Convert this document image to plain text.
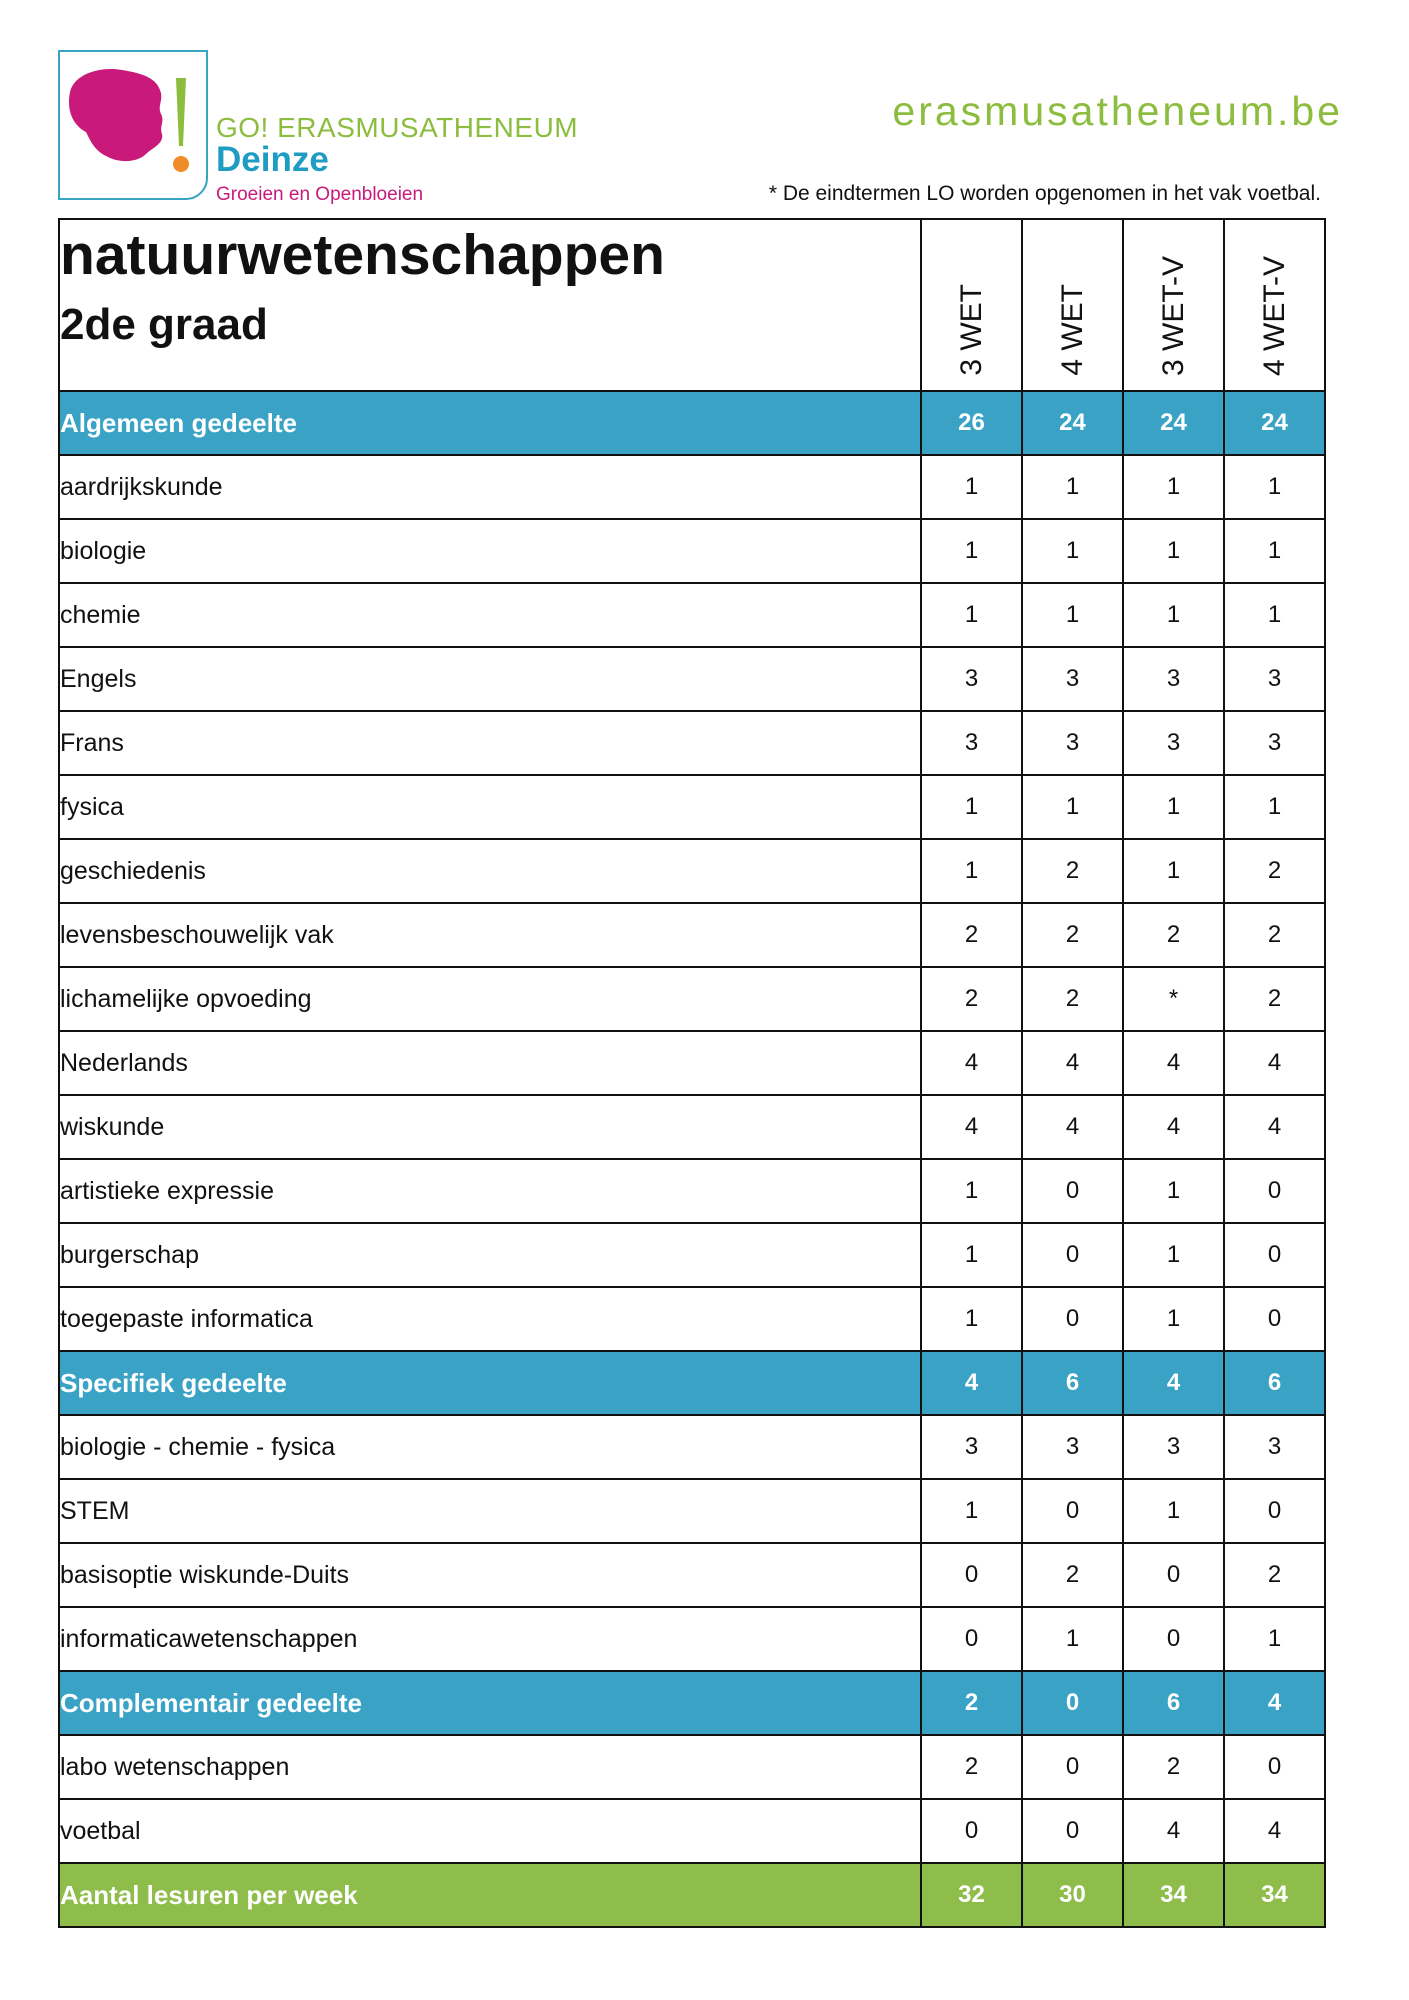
GO! ERASMUSATHENEUM
Deinze
Groeien en Openbloeien
erasmusatheneum.be
* De eindtermen LO worden opgenomen in het vak voetbal.
natuurwetenschappen
2de graad	3 WET	4 WET	3 WET-V	4 WET-V

Algemeen gedeelte	26	24	24	24
aardrijkskunde	1	1	1	1
biologie	1	1	1	1
chemie	1	1	1	1
Engels	3	3	3	3
Frans	3	3	3	3
fysica	1	1	1	1
geschiedenis	1	2	1	2
levensbeschouwelijk vak	2	2	2	2
lichamelijke opvoeding	2	2	*	2
Nederlands	4	4	4	4
wiskunde	4	4	4	4
artistieke expressie	1	0	1	0
burgerschap	1	0	1	0
toegepaste informatica	1	0	1	0
Specifiek gedeelte	4	6	4	6
biologie - chemie - fysica	3	3	3	3
STEM	1	0	1	0
basisoptie wiskunde-Duits	0	2	0	2
informaticawetenschappen	0	1	0	1
Complementair gedeelte	2	0	6	4
labo wetenschappen	2	0	2	0
voetbal	0	0	4	4
Aantal lesuren per week	32	30	34	34
